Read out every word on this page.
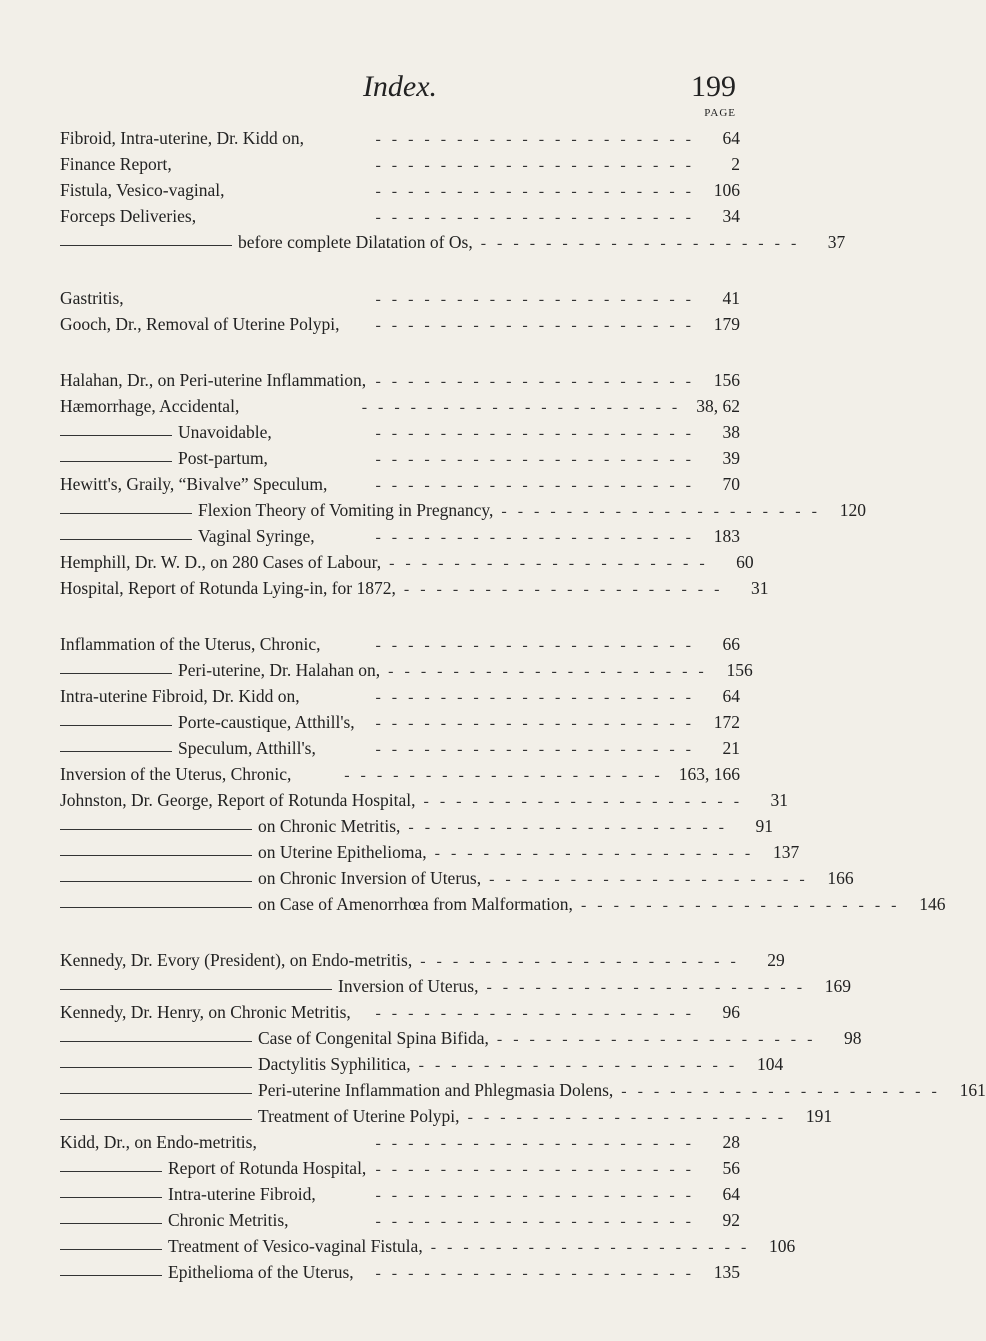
Index.	199
PAGE
Fibroid, Intra-uterine, Dr. Kidd on,	--------------------	64
Finance Report,	--------------------	2
Fistula, Vesico-vaginal,	-------------------- 106
Forceps Deliveries,	--------------------	34
before complete Dilatation of Os, --------------------	37
Gastritis,	--------------------	41
Gooch, Dr., Removal of Uterine Polypi,	-------------------- 179
Halahan, Dr., on Peri-uterine Inflammation, -------------------- 156
Hæmorrhage, Accidental,	-------------------- 38, 62
Unavoidable,	--------------------	38
Post-partum,	--------------------	39
Hewitt's, Graily, “Bivalve” Speculum,	--------------------	70
Flexion Theory of Vomiting in Pregnancy, -------------------- 120
Vaginal Syringe,	-------------------- 183
Hemphill, Dr. W. D., on 280 Cases of Labour, --------------------	60
Hospital, Report of Rotunda Lying-in, for 1872, --------------------	31
Inflammation of the Uterus, Chronic,	--------------------	66
Peri-uterine, Dr. Halahan on, -------------------- 156
Intra-uterine Fibroid, Dr. Kidd on,	--------------------	64
Porte-caustique, Atthill's,	-------------------- 172
Speculum, Atthill's,	--------------------	21
Inversion of the Uterus, Chronic,	-------------------- 163, 166
Johnston, Dr. George, Report of Rotunda Hospital, --------------------	31
on Chronic Metritis, --------------------	91
on Uterine Epithelioma, -------------------- 137
on Chronic Inversion of Uterus, -------------------- 166
on Case of Amenorrhœa from Malformation, -------------------- 146
Kennedy, Dr. Evory (President), on Endo-metritis, --------------------	29
Inversion of Uterus, -------------------- 169
Kennedy, Dr. Henry, on Chronic Metritis,	--------------------	96
Case of Congenital Spina Bifida, --------------------	98
Dactylitis Syphilitica, -------------------- 104
Peri-uterine Inflammation and Phlegmasia Dolens, -------------------- 161
Treatment of Uterine Polypi, -------------------- 191
Kidd, Dr., on Endo-metritis,	--------------------	28
Report of Rotunda Hospital, --------------------	56
Intra-uterine Fibroid,	--------------------	64
Chronic Metritis,	--------------------	92
Treatment of Vesico-vaginal Fistula, -------------------- 106
Epithelioma of the Uterus,	-------------------- 135
